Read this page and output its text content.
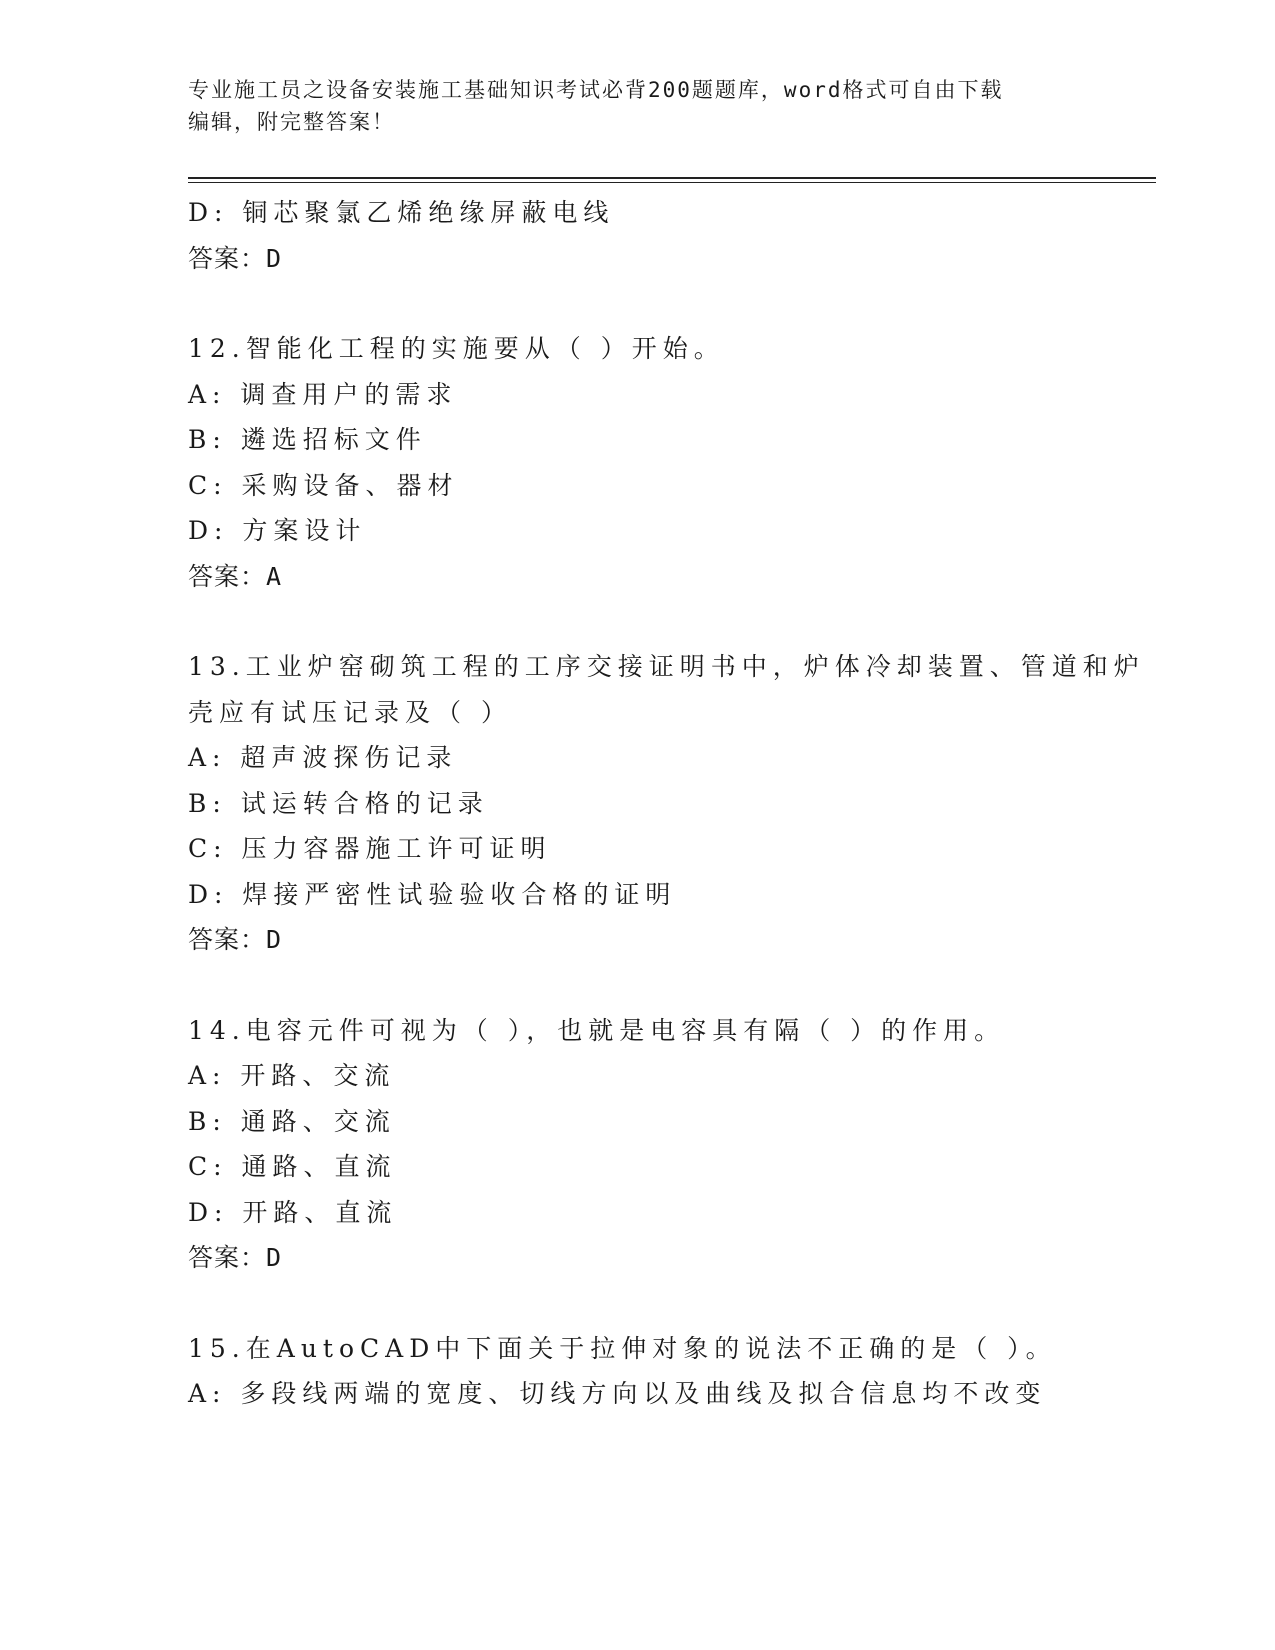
专业施工员之设备安装施工基础知识考试必背200题题库，word格式可自由下载
编辑，附完整答案！
D: 铜芯聚氯乙烯绝缘屏蔽电线
答案：D
12.智能化工程的实施要从（ ）开始。
A: 调查用户的需求
B: 遴选招标文件
C: 采购设备、器材
D: 方案设计
答案：A
13.工业炉窑砌筑工程的工序交接证明书中，炉体冷却装置、管道和炉
壳应有试压记录及（ ）
A: 超声波探伤记录
B: 试运转合格的记录
C: 压力容器施工许可证明
D: 焊接严密性试验验收合格的证明
答案：D
14.电容元件可视为（ ），也就是电容具有隔（ ）的作用。
A: 开路、交流
B: 通路、交流
C: 通路、直流
D: 开路、直流
答案：D
15.在AutoCAD中下面关于拉伸对象的说法不正确的是（ ）。
A: 多段线两端的宽度、切线方向以及曲线及拟合信息均不改变
